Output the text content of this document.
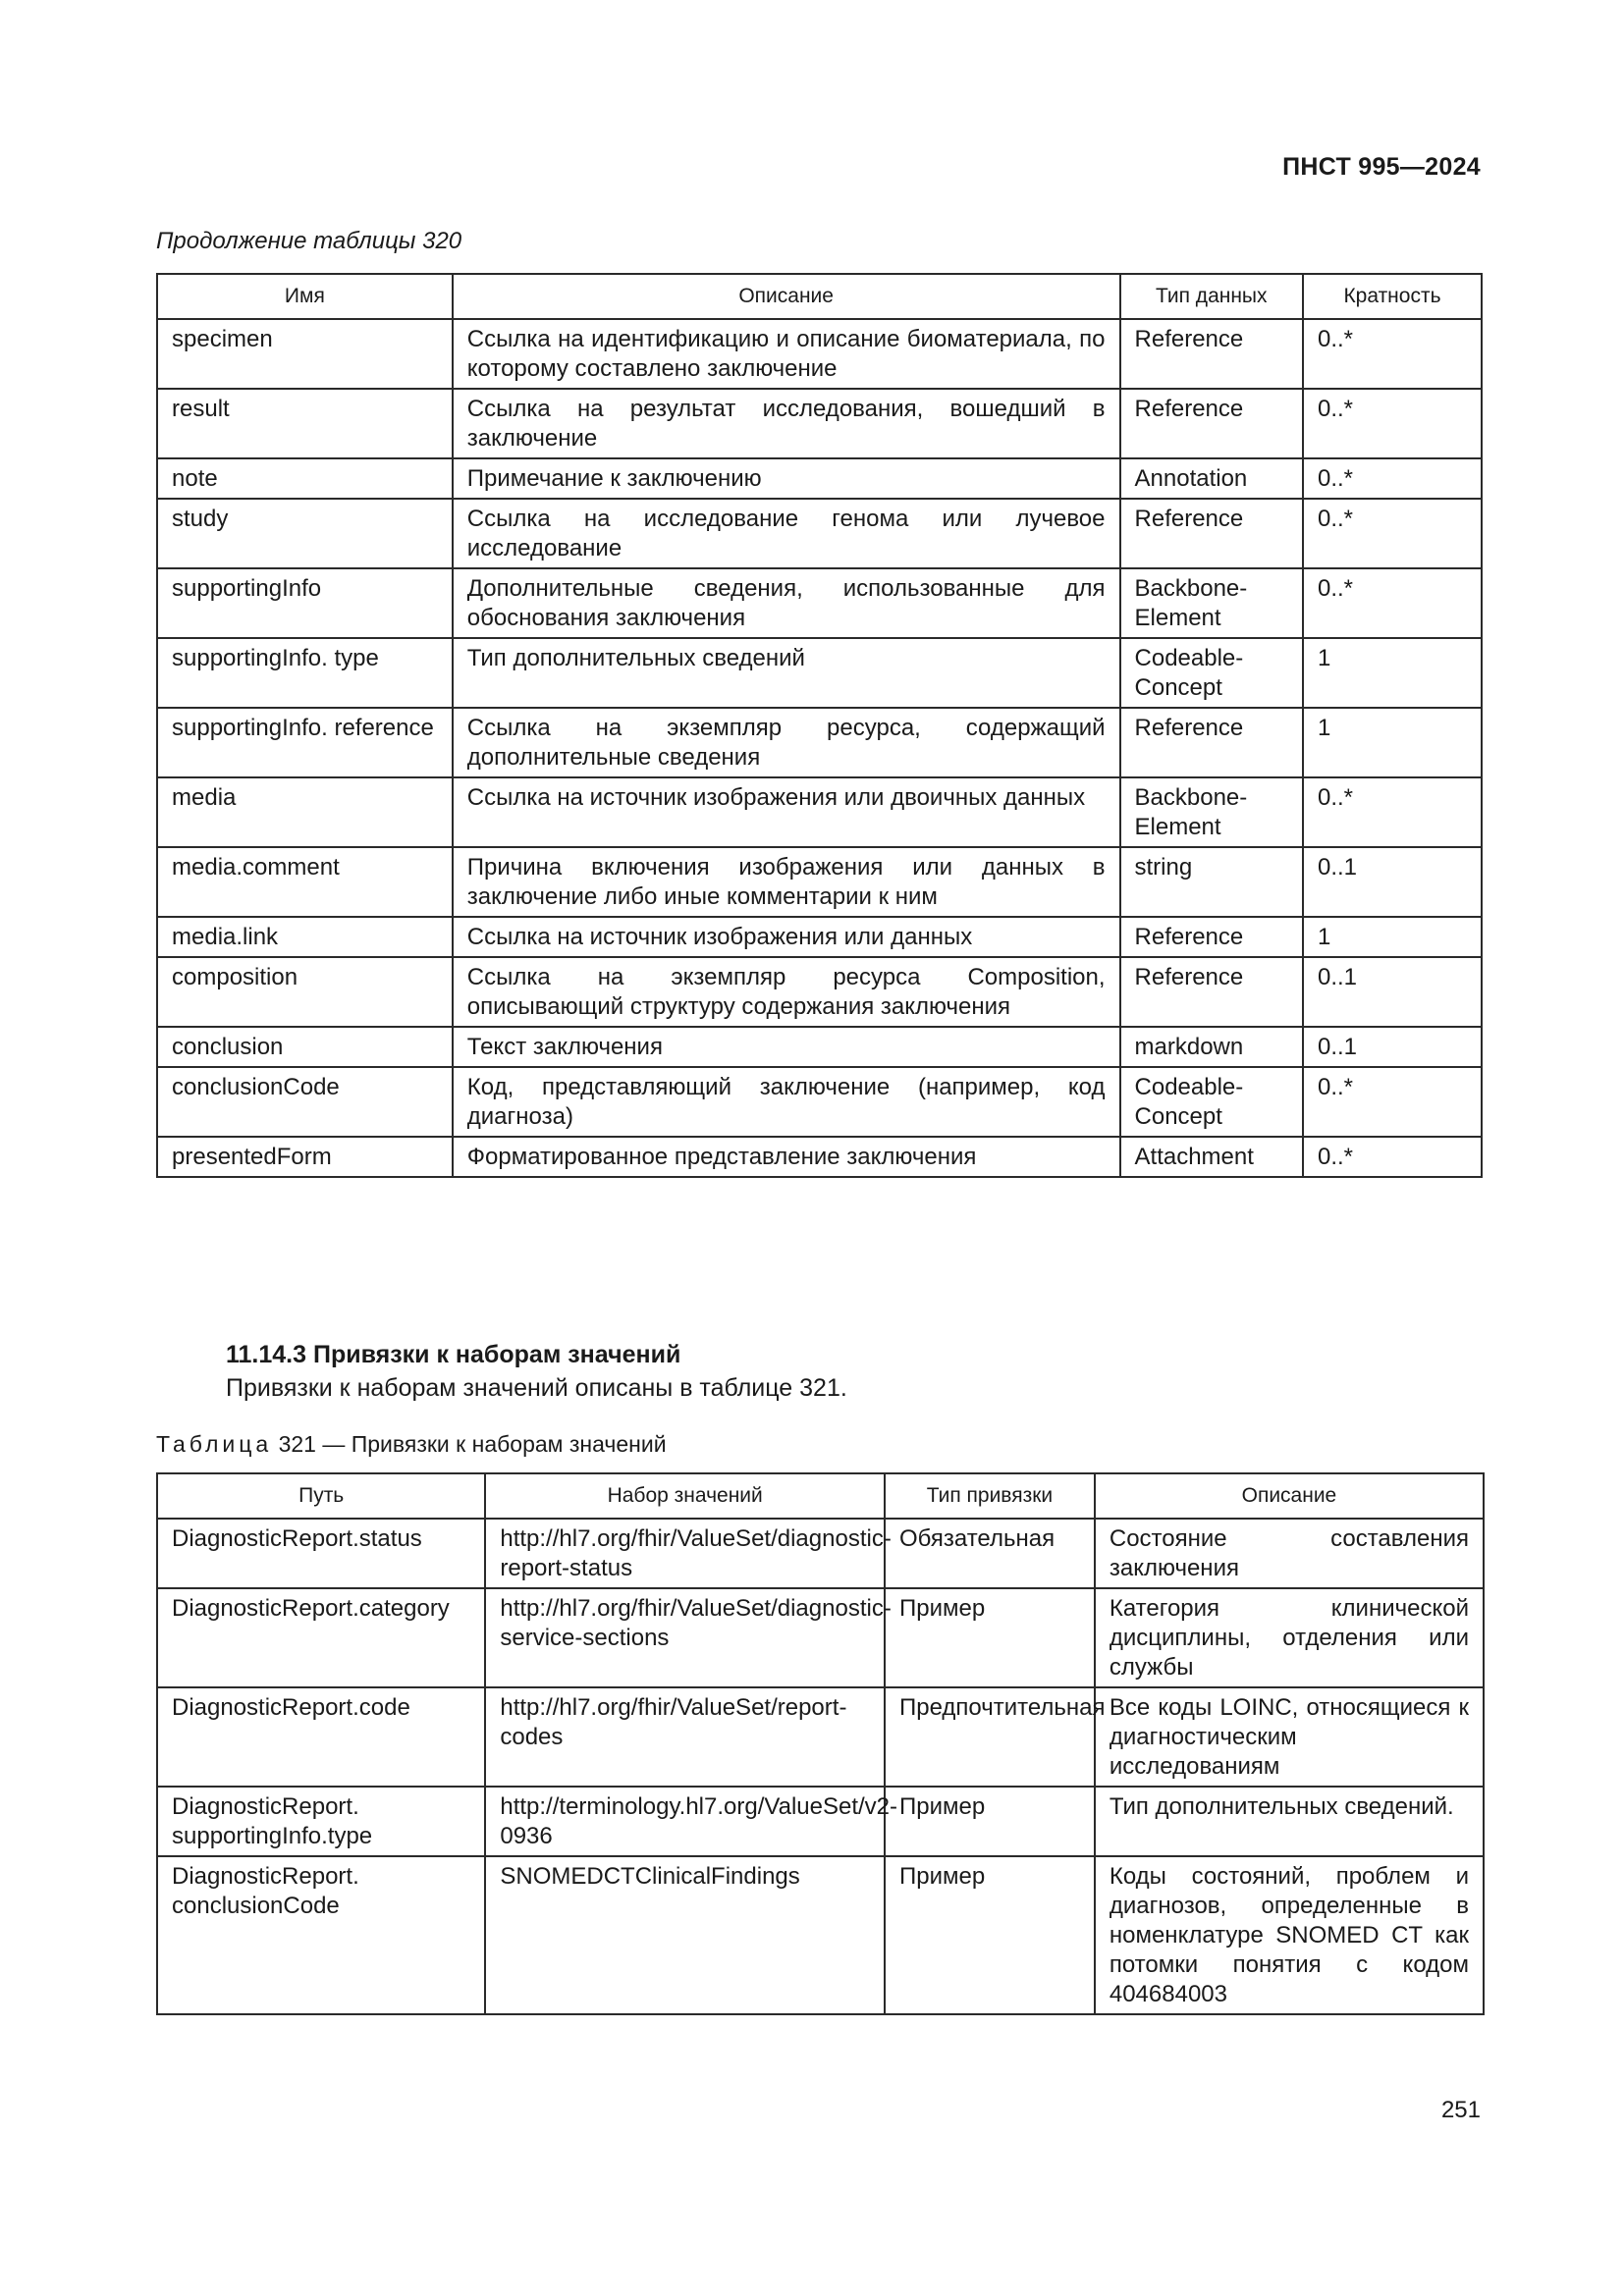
ПНСТ 995—2024
Продолжение таблицы 320
Имя	Описание	Тип данных	Кратность
specimen	Ссылка на идентификацию и описание биоматериала, по которому составлено заключение	Reference	0..*
result	Ссылка на результат исследования, вошедший в заключение	Reference	0..*
note	Примечание к заключению	Annotation	0..*
study	Ссылка на исследование генома или лучевое исследование	Reference	0..*
supportingInfo	Дополнительные сведения, использованные для обоснования заключения	Backbone-Element	0..*
supportingInfo. type	Тип дополнительных сведений	Codeable-Concept	1
supportingInfo. reference	Ссылка на экземпляр ресурса, содержащий дополнительные сведения	Reference	1
media	Ссылка на источник изображения или двоичных данных	Backbone-Element	0..*
media.comment	Причина включения изображения или данных в заключение либо иные комментарии к ним	string	0..1
media.link	Ссылка на источник изображения или данных	Reference	1
composition	Ссылка на экземпляр ресурса Composition, описывающий структуру содержания заключения	Reference	0..1
conclusion	Текст заключения	markdown	0..1
conclusionCode	Код, представляющий заключение (например, код диагноза)	Codeable-Concept	0..*
presentedForm	Форматированное представление заключения	Attachment	0..*
11.14.3 Привязки к наборам значений
Привязки к наборам значений описаны в таблице 321.
Таблица 321 — Привязки к наборам значений
Путь	Набор значений	Тип привязки	Описание
DiagnosticReport.status	http://hl7.org/fhir/ValueSet/diagnostic-report-status	Обязательная	Состояние составления заключения
DiagnosticReport.category	http://hl7.org/fhir/ValueSet/diagnostic-service-sections	Пример	Категория клинической дисциплины, отделения или службы
DiagnosticReport.code	http://hl7.org/fhir/ValueSet/report-codes	Предпочтительная	Все коды LOINC, относящиеся к диагностическим исследованиям
DiagnosticReport. supportingInfo.type	http://terminology.hl7.org/ValueSet/v2-0936	Пример	Тип дополнительных сведений.
DiagnosticReport. conclusionCode	SNOMEDCTClinicalFindings	Пример	Коды состояний, проблем и диагнозов, определенные в номенклатуре SNOMED CT как потомки понятия с кодом 404684003
251
